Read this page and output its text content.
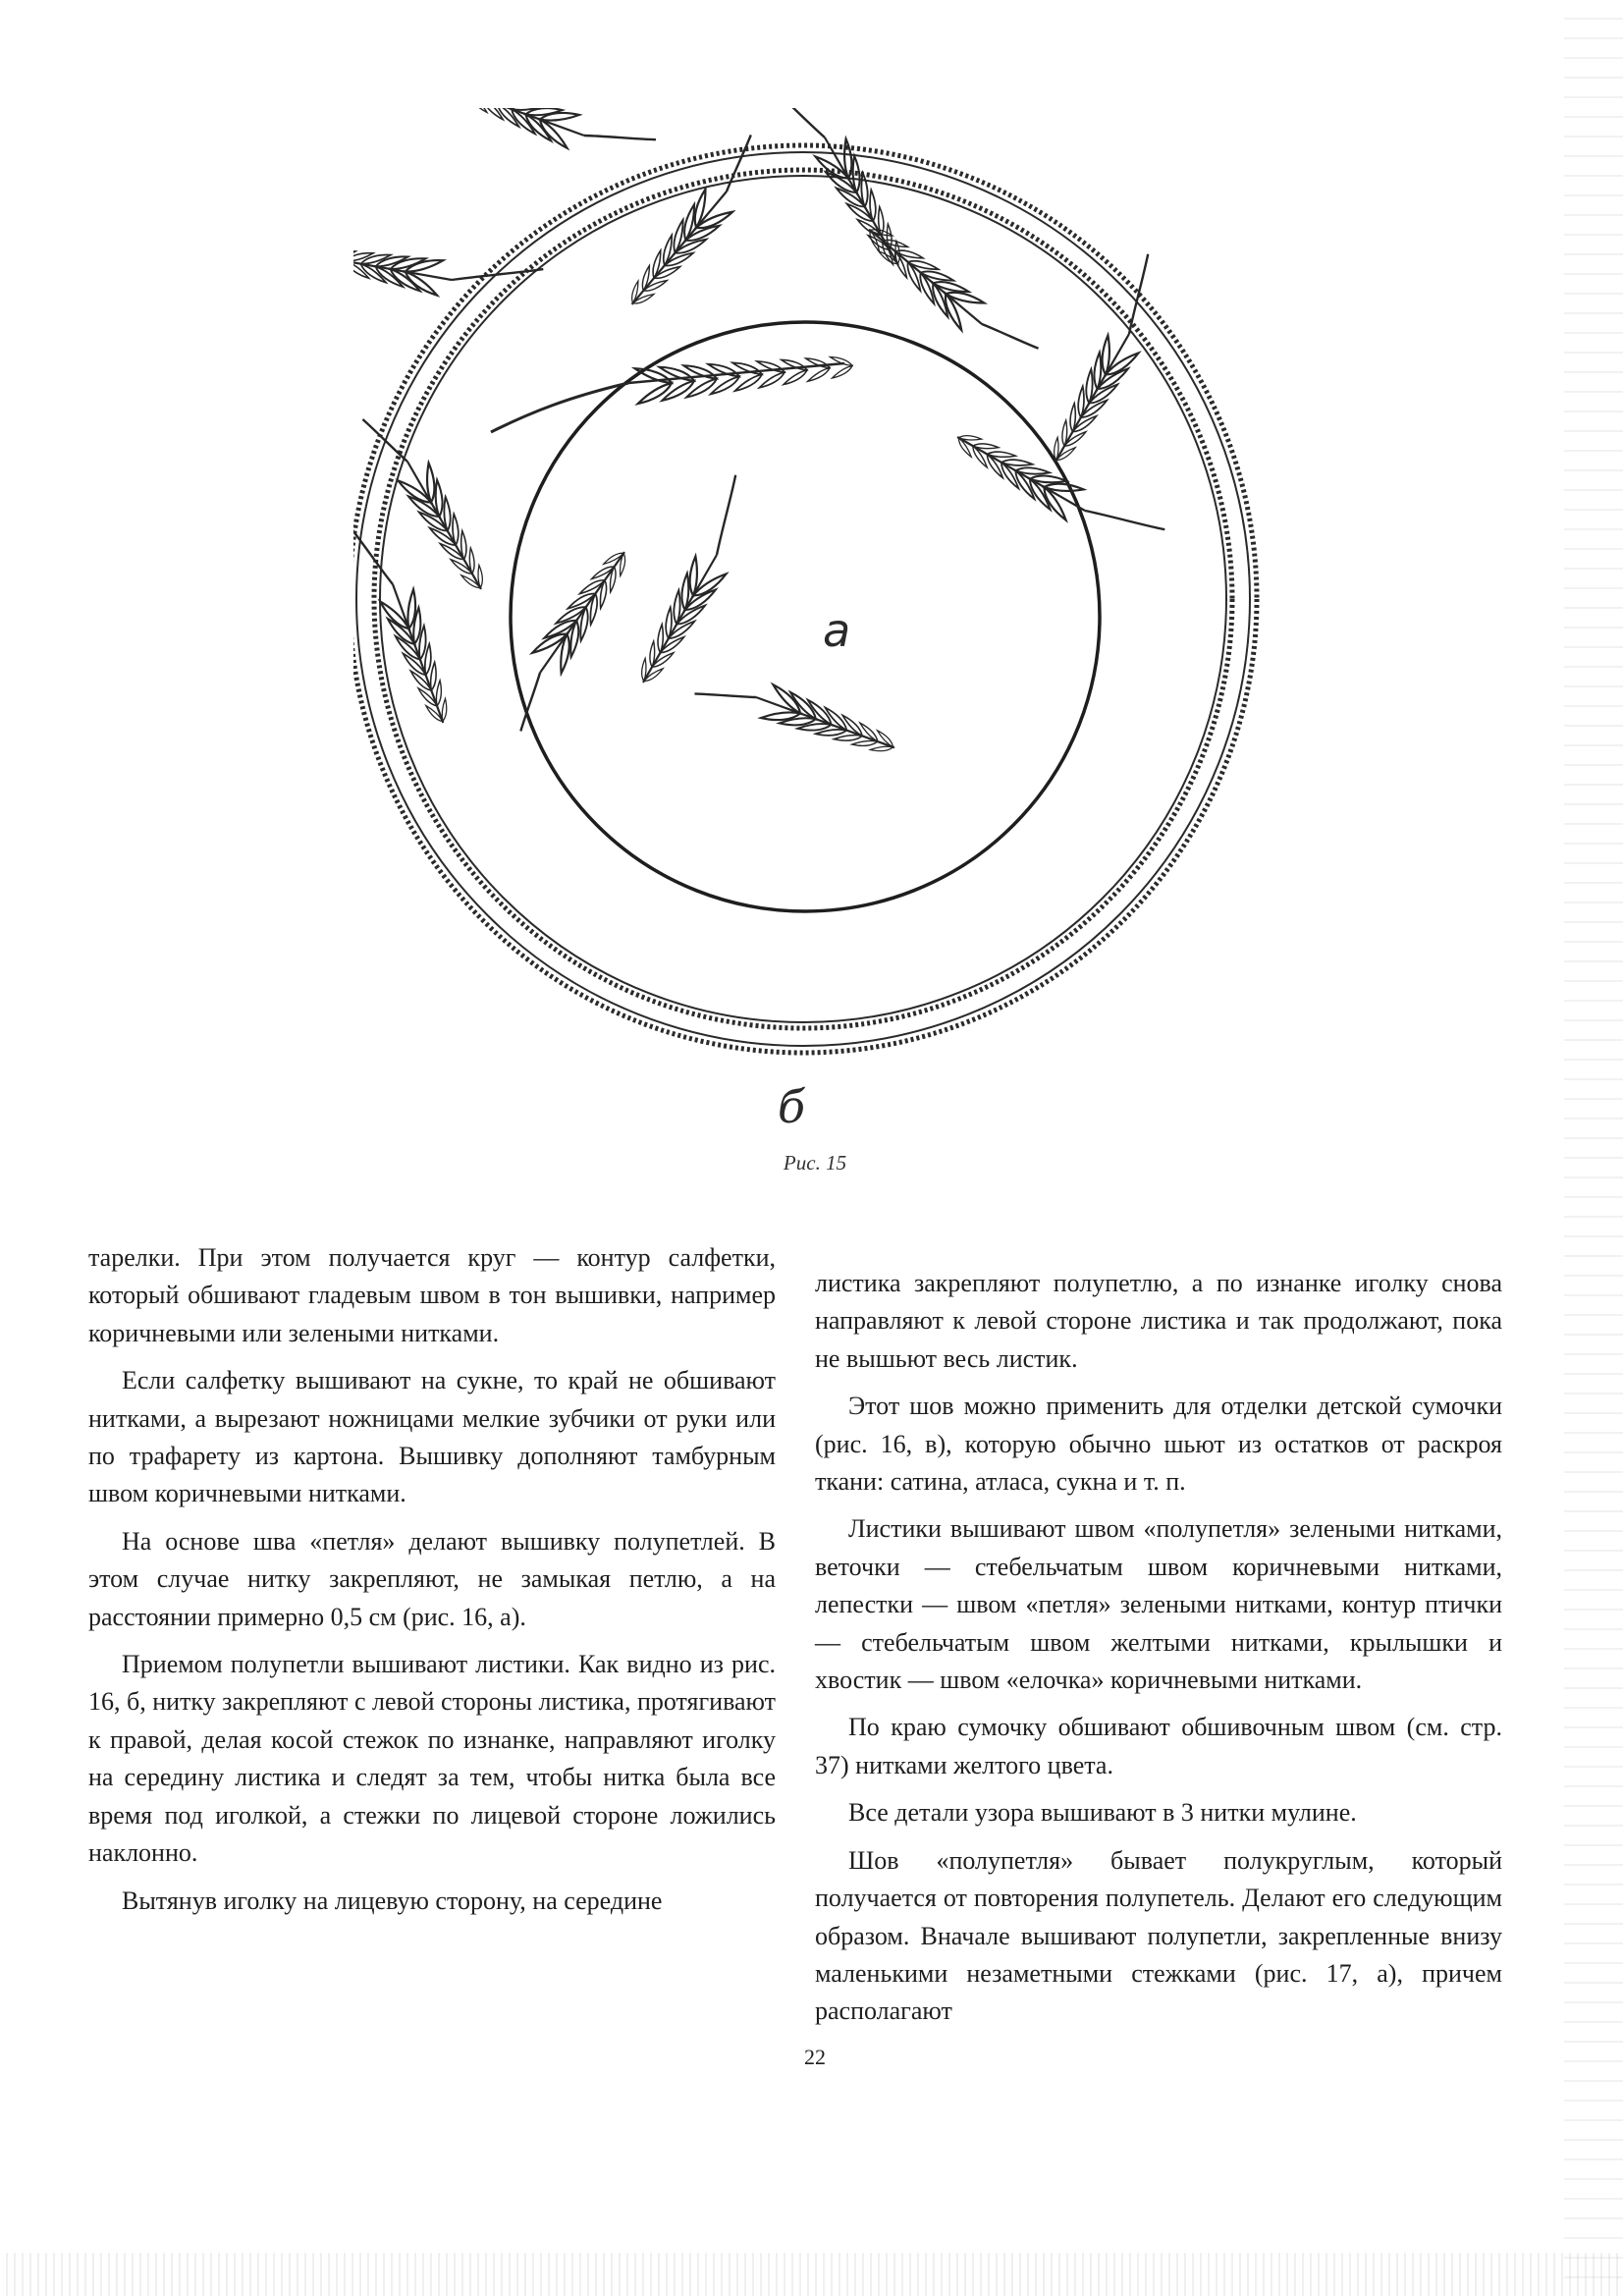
а
б
Рис. 15

тарелки. При этом получается круг — контур салфетки, который обшивают гладевым швом в тон вышивки, например коричневыми или зелеными нитками.

Если салфетку вышивают на сукне, то край не обшивают нитками, а вырезают ножницами мелкие зубчики от руки или по трафарету из картона. Вышивку дополняют тамбурным швом коричневыми нитками.

На основе шва «петля» делают вышивку полупетлей. В этом случае нитку закрепляют, не замыкая петлю, а на расстоянии примерно 0,5 см (рис. 16, а).

Приемом полупетли вышивают листики. Как видно из рис. 16, б, нитку закрепляют с левой стороны листика, протягивают к правой, делая косой стежок по изнанке, направляют иголку на середину листика и следят за тем, чтобы нитка была все время под иголкой, а стежки по лицевой стороне ложились наклонно.

Вытянув иголку на лицевую сторону, на середине

листика закрепляют полупетлю, а по изнанке иголку снова направляют к левой стороне листика и так продолжают, пока не вышьют весь листик.

Этот шов можно применить для отделки детской сумочки (рис. 16, в), которую обычно шьют из остатков от раскроя ткани: сатина, атласа, сукна и т. п.

Листики вышивают швом «полупетля» зелеными нитками, веточки — стебельчатым швом коричневыми нитками, лепестки — швом «петля» зелеными нитками, контур птички — стебельчатым швом желтыми нитками, крылышки и хвостик — швом «елочка» коричневыми нитками.

По краю сумочку обшивают обшивочным швом (см. стр. 37) нитками желтого цвета.

Все детали узора вышивают в 3 нитки мулине.

Шов «полупетля» бывает полукруглым, который получается от повторения полупетель. Делают его следующим образом. Вначале вышивают полупетли, закрепленные внизу маленькими незаметными стежками (рис. 17, а), причем располагают

22
